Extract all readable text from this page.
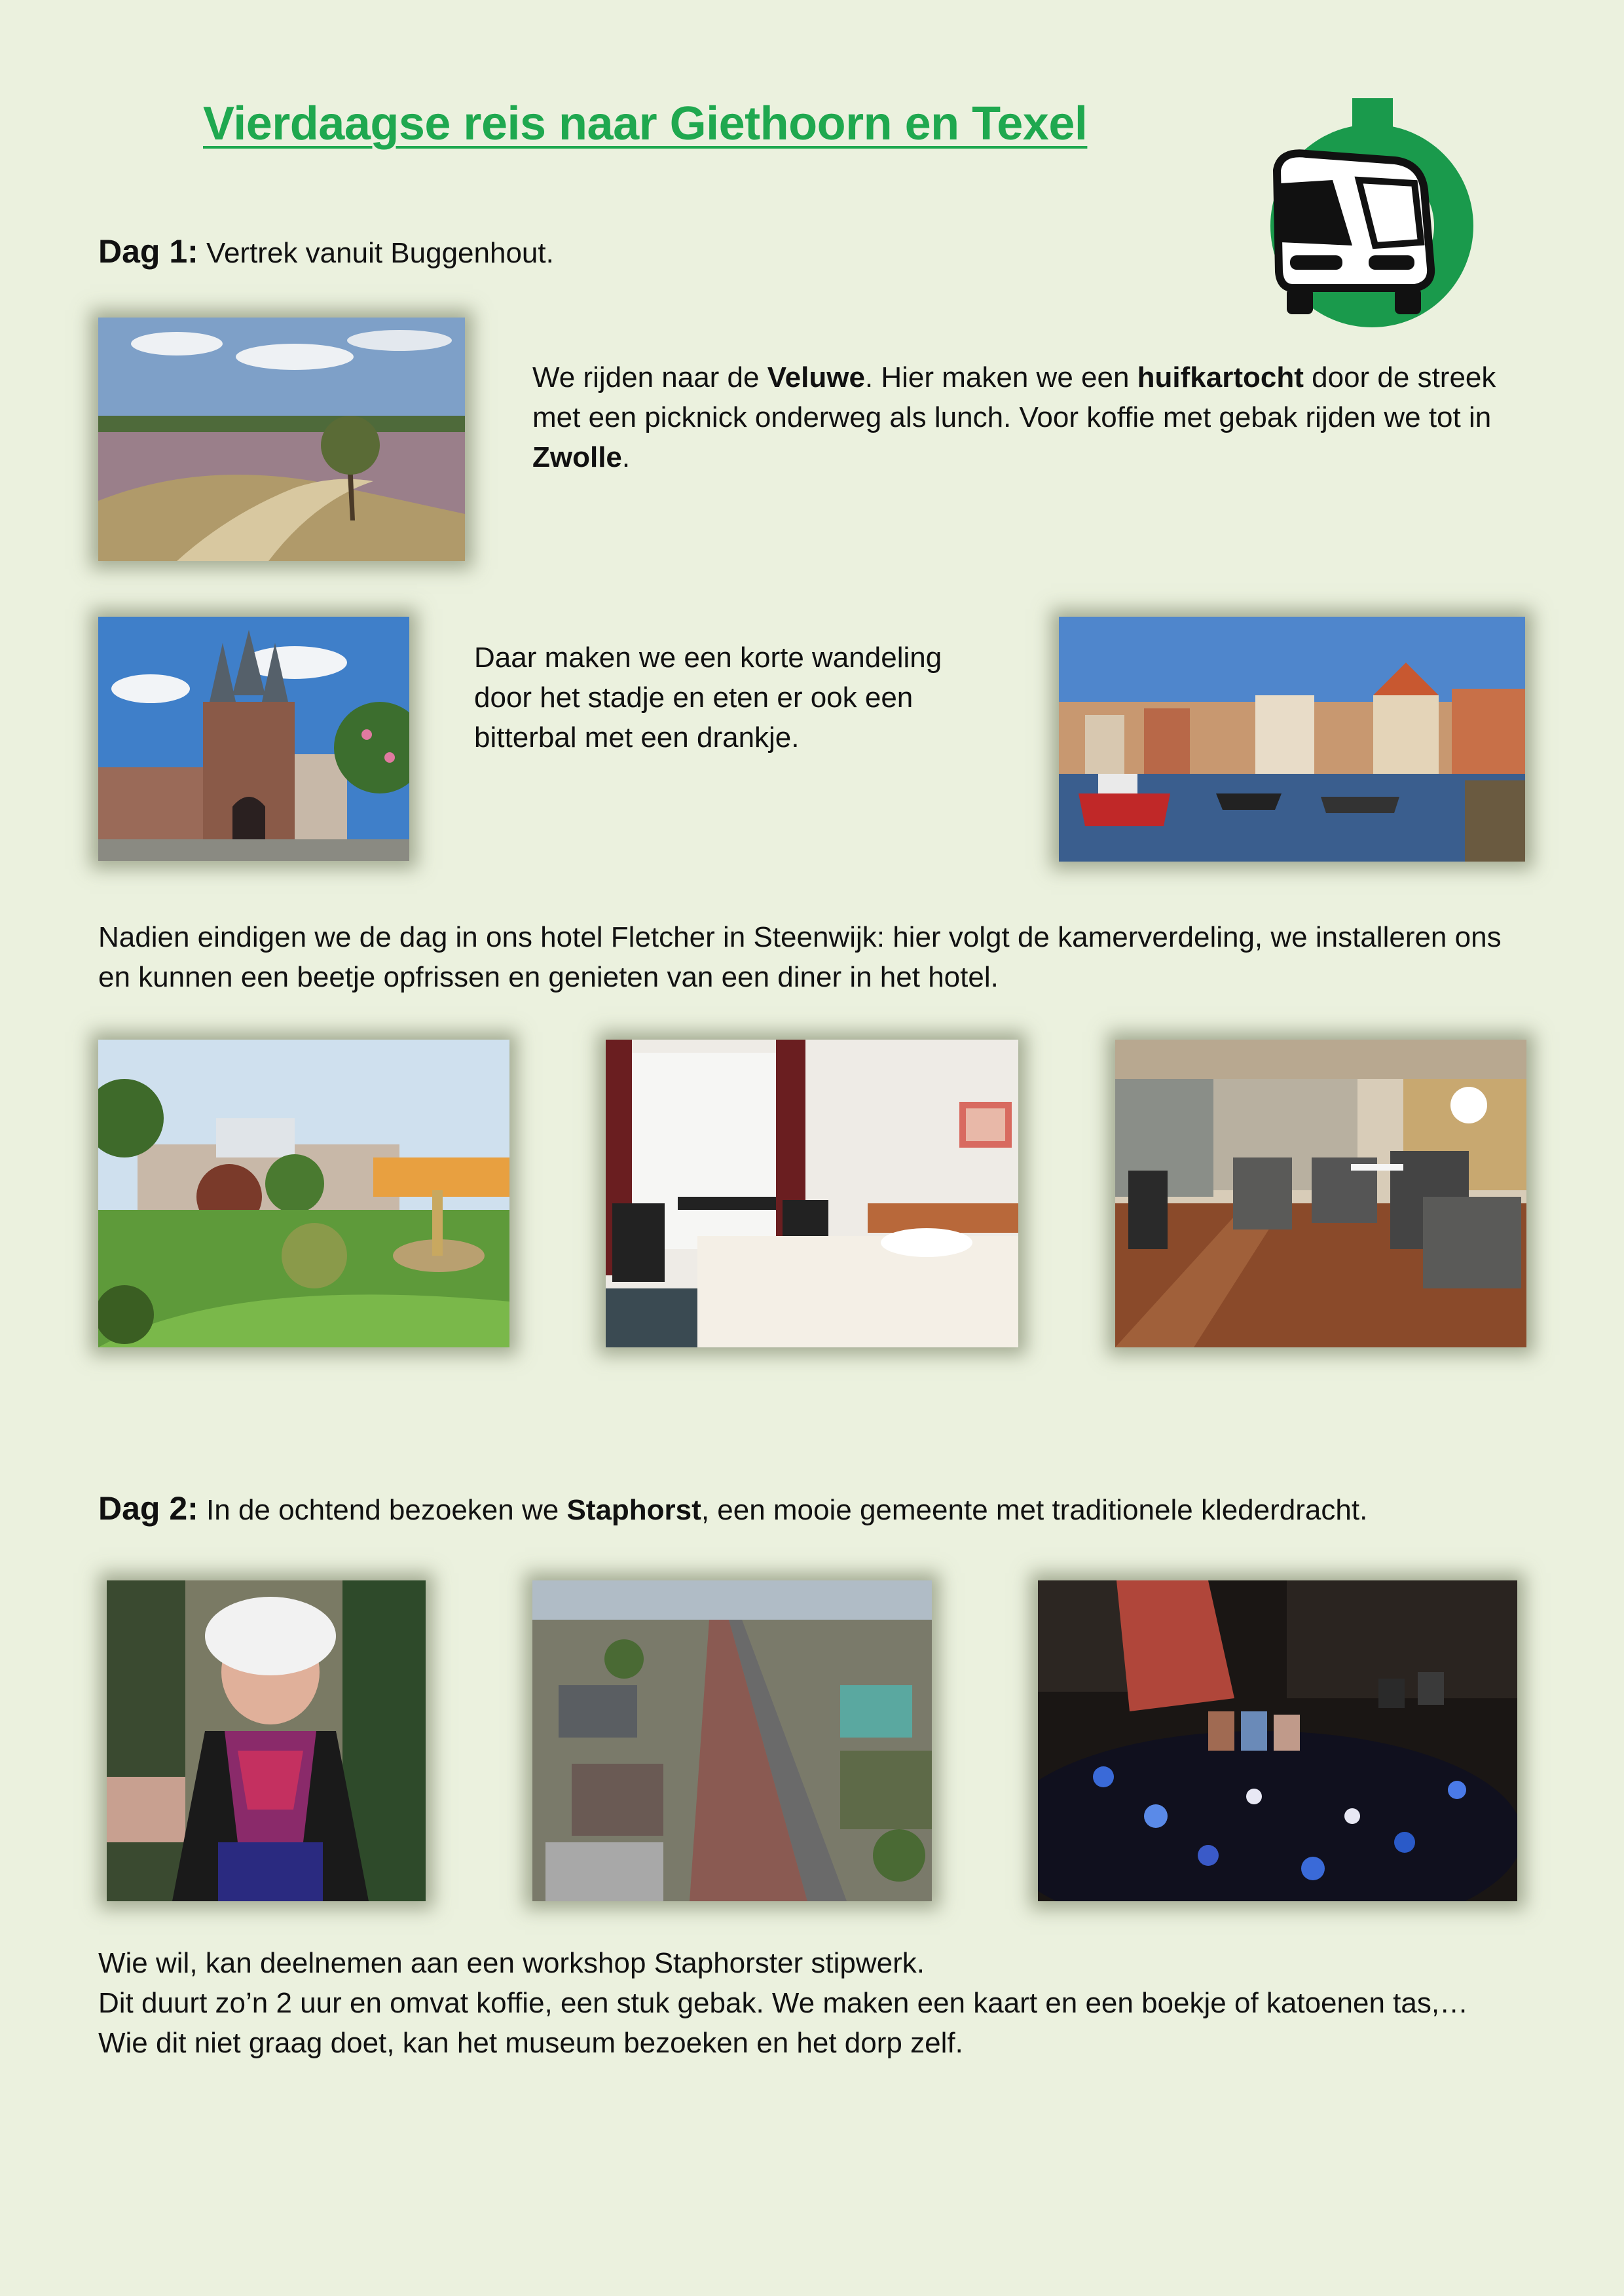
Vierdaagse reis naar Giethoorn en Texel
Dag 1: Vertrek vanuit Buggenhout.
We rijden naar de Veluwe. Hier maken we een huifkartocht door de streek met een picknick onderweg als lunch. Voor koffie met gebak rijden we tot in Zwolle.
Daar maken we een korte wandeling door het stadje en eten er ook een bitterbal met een drankje.
Nadien eindigen we de dag in ons hotel Fletcher in Steenwijk: hier volgt de kamerverdeling, we installeren ons en kunnen een beetje opfrissen en genieten van een diner in het hotel.
Dag 2: In de ochtend bezoeken we Staphorst, een mooie gemeente met traditionele klederdracht.
Wie wil, kan deelnemen aan een workshop Staphorster stipwerk.
Dit duurt zo’n 2 uur en omvat koffie, een stuk gebak. We maken een kaart en een boekje of katoenen tas,…
Wie dit niet graag doet, kan het museum bezoeken en het dorp zelf.
